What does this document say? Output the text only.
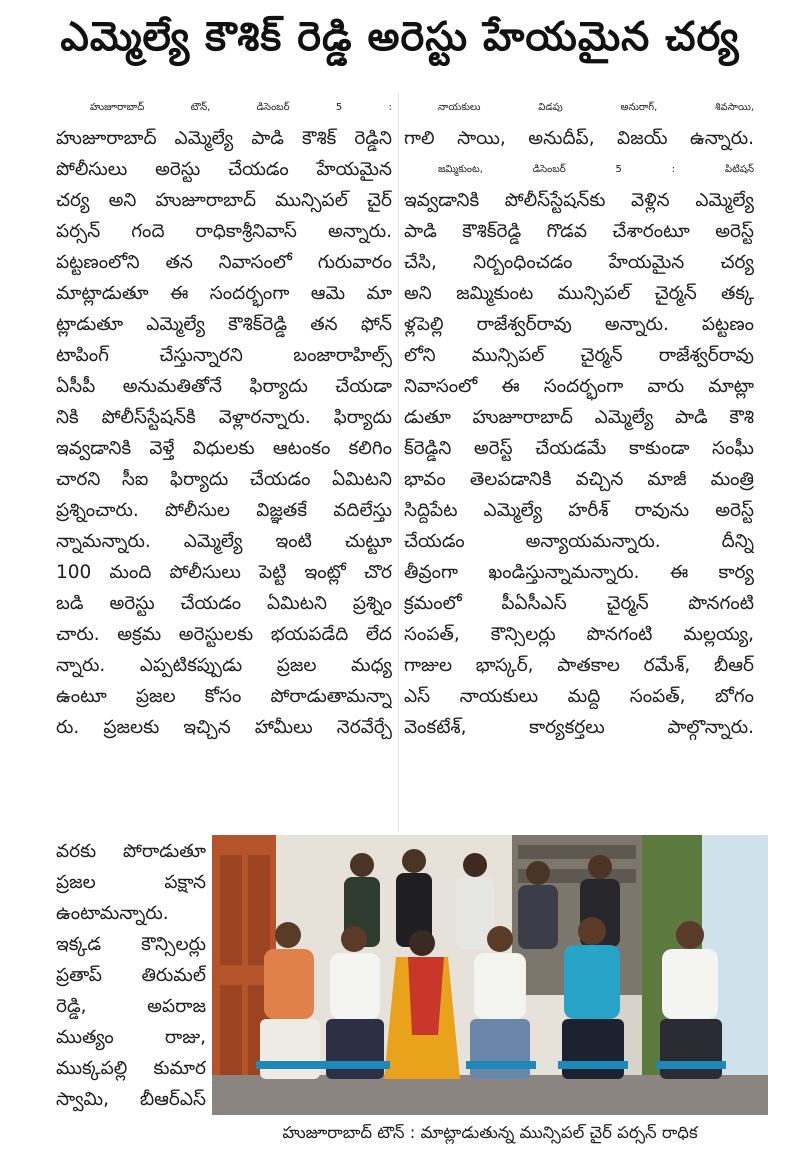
ఎమ్మెల్యే కౌశిక్ రెడ్డి అరెస్టు హేయమైన చర్య
హుజూరాబాద్ టౌన్, డిసెంబర్ 5 :
హుజూరాబాద్ ఎమ్మెల్యే పాడి కౌశిక్ రెడ్డిని
పోలీసులు అరెస్టు చేయడం హేయమైన
చర్య అని హుజూరాబాద్ మున్సిపల్ చైర్
పర్సన్ గందె రాధికాశ్రీనివాస్ అన్నారు.
పట్టణంలోని తన నివాసంలో గురువారం
మాట్లాడుతూ ఈ సందర్భంగా ఆమె మా
ట్లాడుతూ ఎమ్మెల్యే కౌశిక్‌రెడ్డి తన ఫోన్
టాపింగ్ చేస్తున్నారని బంజారాహిల్స్
ఏసీపీ అనుమతితోనే ఫిర్యాదు చేయడా
నికి పోలీస్‌స్టేషన్‌కి వెళ్లారన్నారు. ఫిర్యాదు
ఇవ్వడానికి వెళ్తే విధులకు ఆటంకం కలిగిం
చారని సీఐ ఫిర్యాదు చేయడం ఏమిటని
ప్రశ్నించారు. పోలీసుల విజ్ఞతకే వదిలేస్తు
న్నామన్నారు. ఎమ్మెల్యే ఇంటి చుట్టూ
100 మంది పోలీసులు పెట్టి ఇంట్లో చొర
బడి అరెస్టు చేయడం ఏమిటని ప్రశ్నిం
చారు. అక్రమ అరెస్టులకు భయపడేది లేద
న్నారు. ఎప్పటికప్పుడు ప్రజల మధ్య
ఉంటూ ప్రజల కోసం పోరాడుతామన్నా
రు. ప్రజలకు ఇచ్చిన హామీలు నెరవేర్చే
నాయకులు విడపు అనురాగ్, శివసాయి,
గాలి సాయి, అనుదీప్, విజయ్ ఉన్నారు.
జమ్మికుంట, డిసెంబర్ 5 : పిటిషన్
ఇవ్వడానికి పోలీస్‌స్టేషన్‌కు వెళ్లిన ఎమ్మెల్యే
పాడి కౌశిక్‌రెడ్డి గొడవ చేశారంటూ అరెస్ట్
చేసి, నిర్బంధించడం హేయమైన చర్య
అని జమ్మికుంట మున్సిపల్ చైర్మన్ తక్క
ళ్లపెల్లి రాజేశ్వర్‌రావు అన్నారు. పట్టణం
లోని మున్సిపల్ చైర్మన్ రాజేశ్వర్‌రావు
నివాసంలో ఈ సందర్భంగా వారు మాట్లా
డుతూ హుజూరాబాద్ ఎమ్మెల్యే పాడి కౌశి
క్‌రెడ్డిని అరెస్ట్ చేయడమే కాకుండా సంఘీ
భావం తెలపడానికి వచ్చిన మాజీ మంత్రి
సిద్దిపేట ఎమ్మెల్యే హరీశ్ రావును అరెస్ట్
చేయడం అన్యాయమన్నారు. దీన్ని
తీవ్రంగా ఖండిస్తున్నామన్నారు. ఈ కార్య
క్రమంలో పీఏసీఎస్ చైర్మన్ పొనగంటి
సంపత్, కౌన్సిలర్లు పొనగంటి మల్లయ్య,
గాజుల భాస్కర్, పాతకాల రమేశ్, బీఆర్
ఎస్ నాయకులు మద్ది సంపత్, బోగం
వెంకటేశ్, కార్యకర్తలు పాల్గొన్నారు.
వరకు పోరాడుతూ
ప్రజల పక్షాన
ఉంటామన్నారు.
ఇక్కడ కౌన్సిలర్లు
ప్రతాప్ తిరుమల్
రెడ్డి, అపరాజ
ముత్యం రాజు,
ముక్కపల్లి కుమార
స్వామి, బీఆర్ఎస్
హుజూరాబాద్ టౌన్ : మాట్లాడుతున్న మున్సిపల్ చైర్ పర్సన్ రాధిక
